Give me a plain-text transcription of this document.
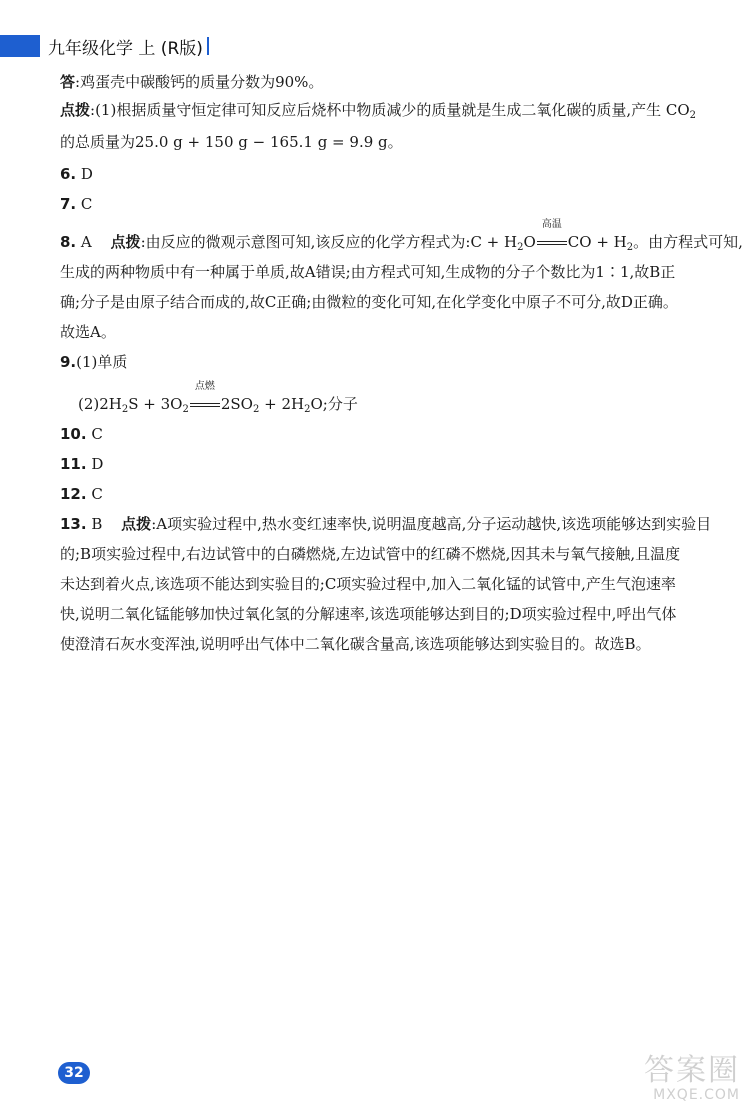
九年级化学 上 (R版)
答:鸡蛋壳中碳酸钙的质量分数为90%。
点拨:(1)根据质量守恒定律可知反应后烧杯中物质减少的质量就是生成二氧化碳的质量,产生 $CO_2$
的总质量为25.0 g + 150 g − 165.1 g = 9.9 g。
6. D
7. C
8. A 点拨:由反应的微观示意图可知,该反应的化学方程式为:C + $H_2O$
高温
CO + $H_2$。由方程式可知,
生成的两种物质中有一种属于单质,故A错误;由方程式可知,生成物的分子个数比为1∶1,故B正
确;分子是由原子结合而成的,故C正确;由微粒的变化可知,在化学变化中原子不可分,故D正确。
故选A。
9.(1)单质
$(2)2H_2S + 3O_2$
点燃
$2SO_2 + 2H_2O$;分子
10. C
11. D
12. C
13. B 点拨:A项实验过程中,热水变红速率快,说明温度越高,分子运动越快,该选项能够达到实验目
的;B项实验过程中,右边试管中的白磷燃烧,左边试管中的红磷不燃烧,因其未与氧气接触,且温度
未达到着火点,该选项不能达到实验目的;C项实验过程中,加入二氧化锰的试管中,产生气泡速率
快,说明二氧化锰能够加快过氧化氢的分解速率,该选项能够达到目的;D项实验过程中,呼出气体
使澄清石灰水变浑浊,说明呼出气体中二氧化碳含量高,该选项能够达到实验目的。故选B。
32	答案圈
MXQE.COM
